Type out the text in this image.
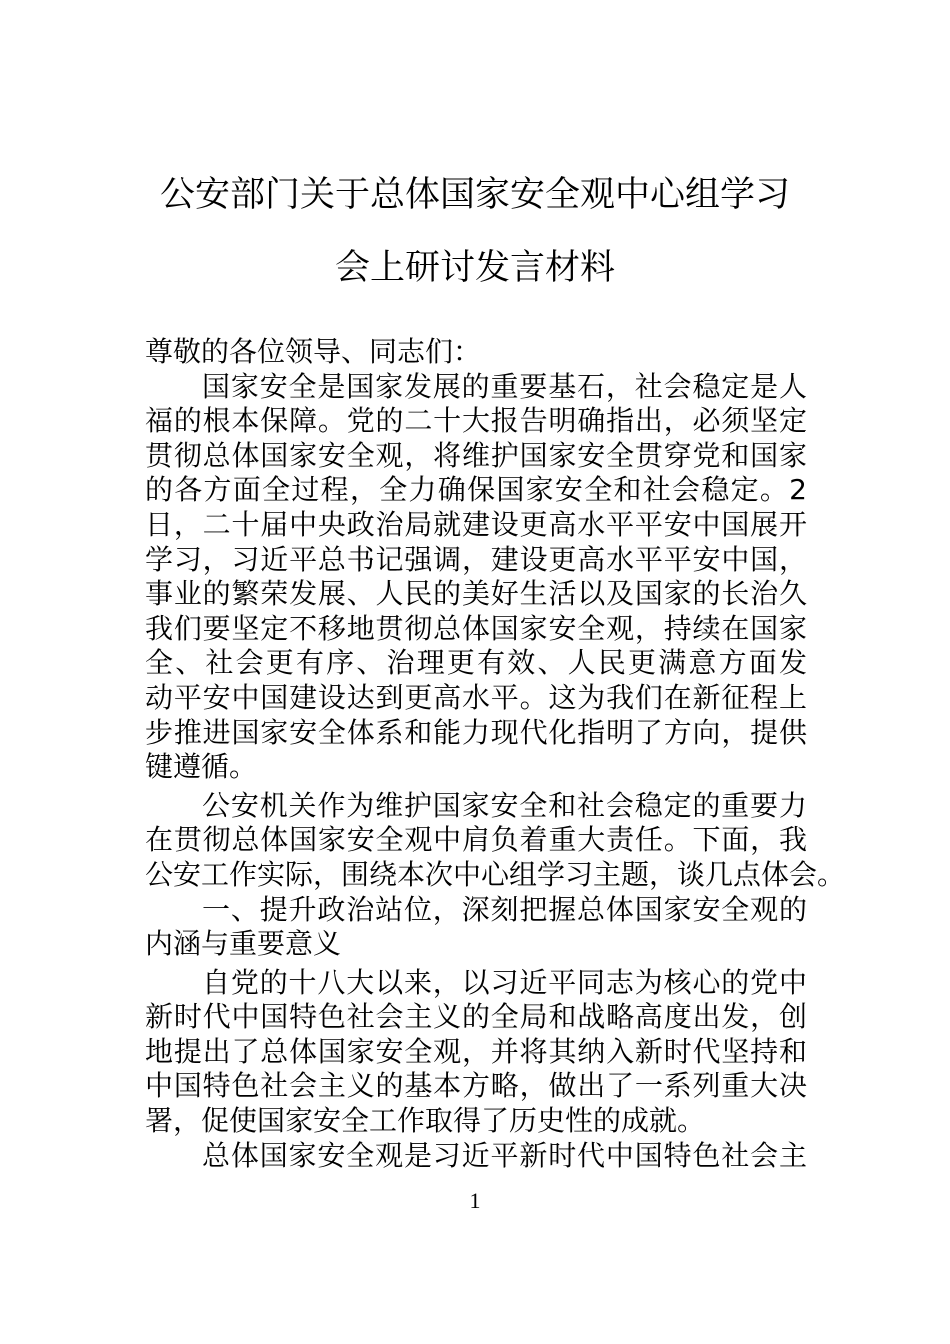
公安部门关于总体国家安全观中心组学习
会上研讨发言材料
尊敬的各位领导、同志们：
国家安全是国家发展的重要基石，社会稳定是人
福的根本保障。党的二十大报告明确指出，必须坚定
贯彻总体国家安全观，将维护国家安全贯穿党和国家
的各方面全过程，全力确保国家安全和社会稳定。2
日，二十届中央政治局就建设更高水平平安中国展开
学习，习近平总书记强调，建设更高水平平安中国，
事业的繁荣发展、人民的美好生活以及国家的长治久
我们要坚定不移地贯彻总体国家安全观，持续在国家
全、社会更有序、治理更有效、人民更满意方面发
动平安中国建设达到更高水平。这为我们在新征程上
步推进国家安全体系和能力现代化指明了方向，提供
键遵循。
公安机关作为维护国家安全和社会稳定的重要力
在贯彻总体国家安全观中肩负着重大责任。下面，我
公安工作实际，围绕本次中心组学习主题，谈几点体会。
一、提升政治站位，深刻把握总体国家安全观的
内涵与重要意义
自党的十八大以来，以习近平同志为核心的党中
新时代中国特色社会主义的全局和战略高度出发，创
地提出了总体国家安全观，并将其纳入新时代坚持和
中国特色社会主义的基本方略，做出了一系列重大决
署，促使国家安全工作取得了历史性的成就。
总体国家安全观是习近平新时代中国特色社会主
1
